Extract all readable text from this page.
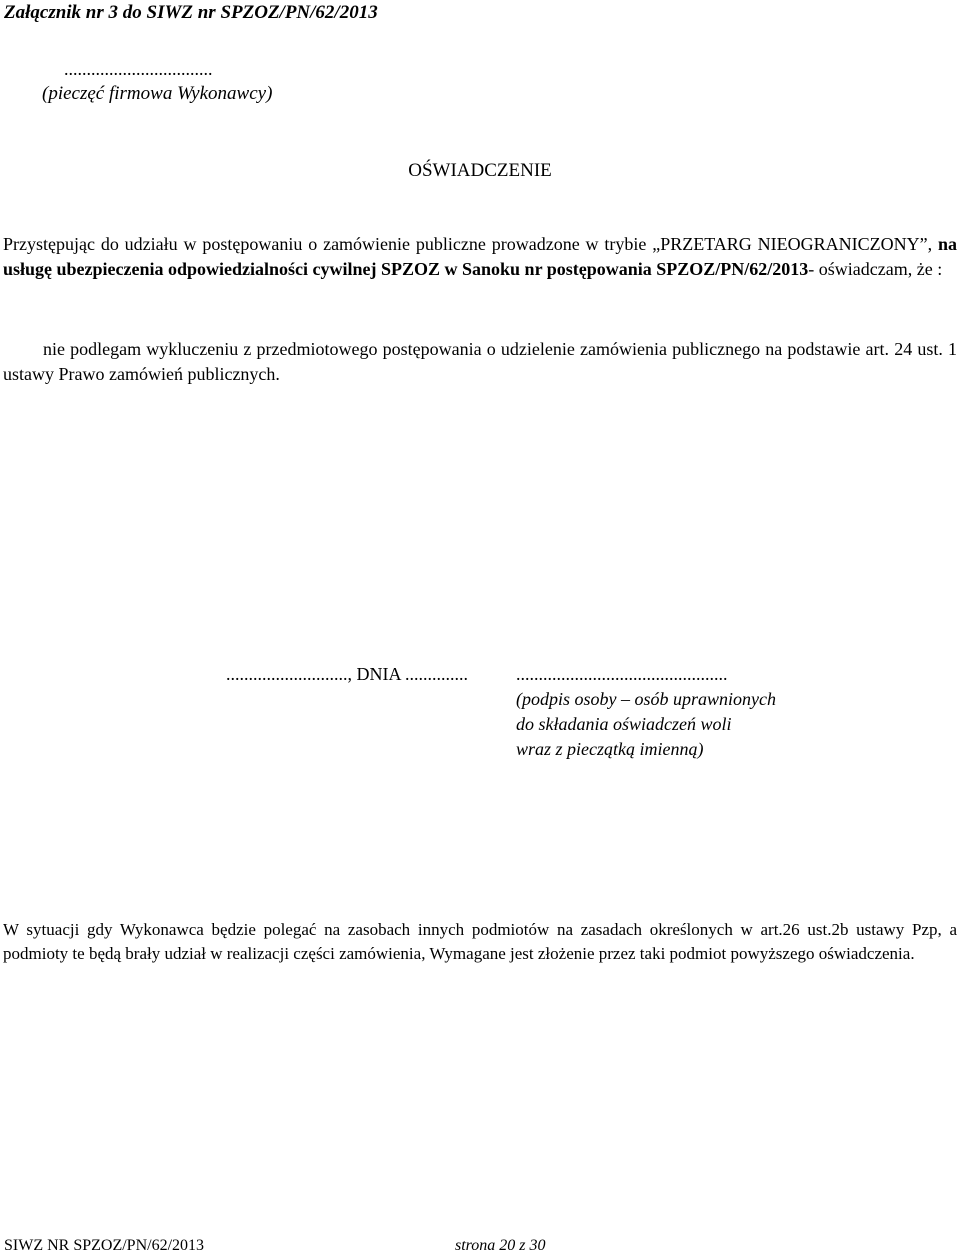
Załącznik nr 3 do SIWZ nr SPZOZ/PN/62/2013

.................................

(pieczęć firmowa Wykonawcy)

OŚWIADCZENIE

Przystępując do udziału w postępowaniu o zamówienie publiczne prowadzone w trybie „PRZETARG NIEOGRANICZONY”, na usługę ubezpieczenia odpowiedzialności cywilnej SPZOZ w Sanoku nr postępowania SPZOZ/PN/62/2013- oświadczam, że :

nie podlegam wykluczeniu z przedmiotowego postępowania o udzielenie zamówienia publicznego na podstawie art. 24 ust. 1 ustawy Prawo zamówień publicznych.

..........................., DNIA ..............	...............................................

(podpis osoby – osób uprawnionych
do składania oświadczeń woli
wraz z pieczątką imienną)

W sytuacji gdy Wykonawca będzie polegać na zasobach innych podmiotów na zasadach określonych w art.26 ust.2b ustawy Pzp, a podmioty te będą brały udział w realizacji części zamówienia, Wymagane jest złożenie przez taki podmiot powyższego oświadczenia.

SIWZ NR SPZOZ/PN/62/2013	strona 20 z 30
